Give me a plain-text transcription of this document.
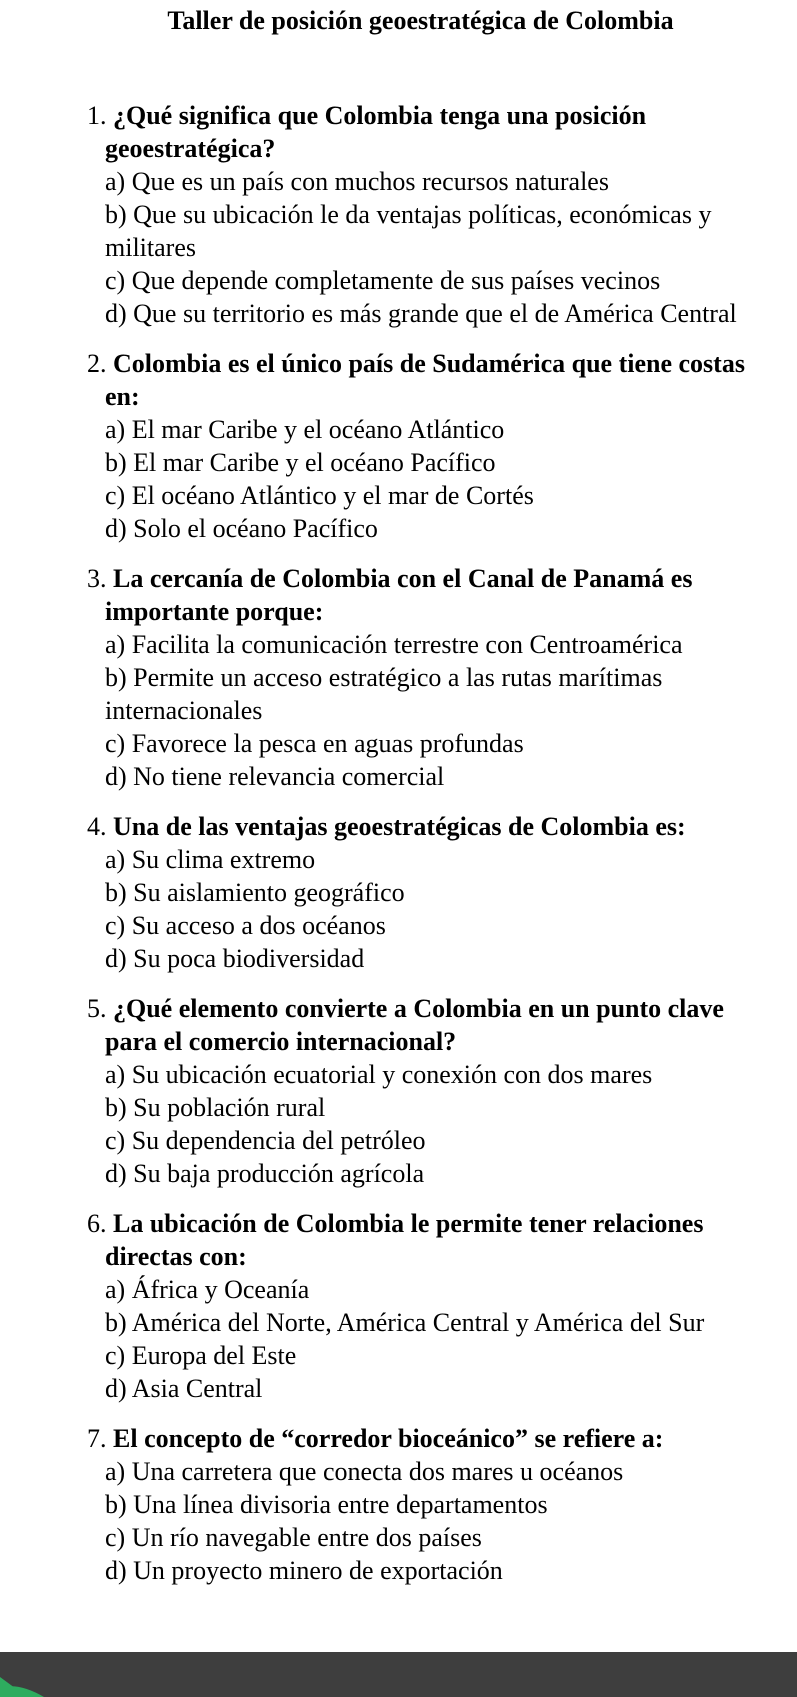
Taller de posición geoestratégica de Colombia
1. ¿Qué significa que Colombia tenga una posición geoestratégica?
a) Que es un país con muchos recursos naturales
b) Que su ubicación le da ventajas políticas, económicas y militares
c) Que depende completamente de sus países vecinos
d) Que su territorio es más grande que el de América Central
2. Colombia es el único país de Sudamérica que tiene costas en:
a) El mar Caribe y el océano Atlántico
b) El mar Caribe y el océano Pacífico
c) El océano Atlántico y el mar de Cortés
d) Solo el océano Pacífico
3. La cercanía de Colombia con el Canal de Panamá es importante porque:
a) Facilita la comunicación terrestre con Centroamérica
b) Permite un acceso estratégico a las rutas marítimas internacionales
c) Favorece la pesca en aguas profundas
d) No tiene relevancia comercial
4. Una de las ventajas geoestratégicas de Colombia es:
a) Su clima extremo
b) Su aislamiento geográfico
c) Su acceso a dos océanos
d) Su poca biodiversidad
5. ¿Qué elemento convierte a Colombia en un punto clave para el comercio internacional?
a) Su ubicación ecuatorial y conexión con dos mares
b) Su población rural
c) Su dependencia del petróleo
d) Su baja producción agrícola
6. La ubicación de Colombia le permite tener relaciones directas con:
a) África y Oceanía
b) América del Norte, América Central y América del Sur
c) Europa del Este
d) Asia Central
7. El concepto de “corredor bioceánico” se refiere a:
a) Una carretera que conecta dos mares u océanos
b) Una línea divisoria entre departamentos
c) Un río navegable entre dos países
d) Un proyecto minero de exportación
